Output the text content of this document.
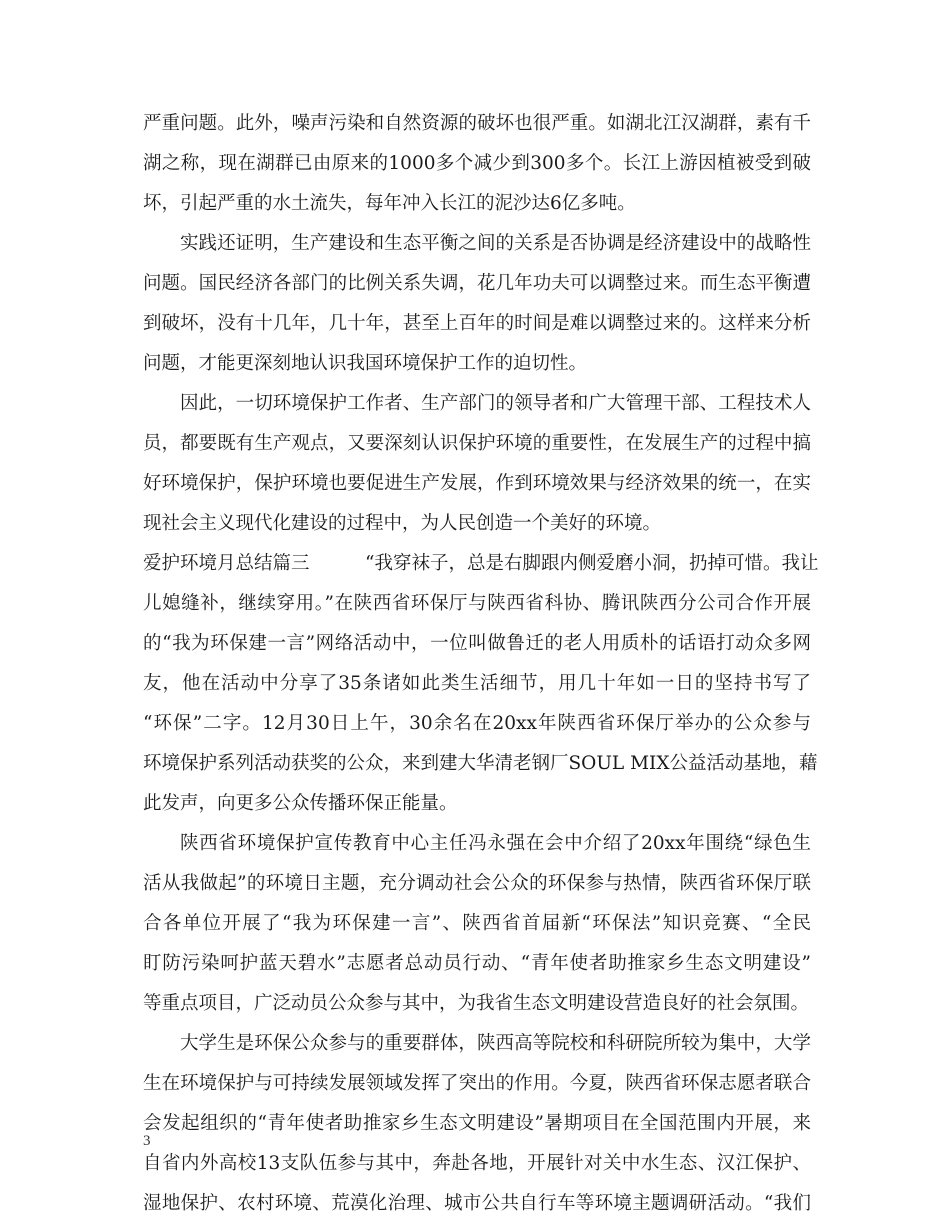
严重问题。此外，噪声污染和自然资源的破坏也很严重。如湖北江汉湖群，素有千
湖之称，现在湖群已由原来的1000多个减少到300多个。长江上游因植被受到破
坏，引起严重的水土流失，每年冲入长江的泥沙达6亿多吨。
实践还证明，生产建设和生态平衡之间的关系是否协调是经济建设中的战略性
问题。国民经济各部门的比例关系失调，花几年功夫可以调整过来。而生态平衡遭
到破坏，没有十几年，几十年，甚至上百年的时间是难以调整过来的。这样来分析
问题，才能更深刻地认识我国环境保护工作的迫切性。
因此，一切环境保护工作者、生产部门的领导者和广大管理干部、工程技术人
员，都要既有生产观点，又要深刻认识保护环境的重要性，在发展生产的过程中搞
好环境保护，保护环境也要促进生产发展，作到环境效果与经济效果的统一，在实
现社会主义现代化建设的过程中，为人民创造一个美好的环境。
爱护环境月总结篇三　　　“我穿袜子，总是右脚跟内侧爱磨小洞，扔掉可惜。我让
儿媳缝补，继续穿用。”在陕西省环保厅与陕西省科协、腾讯陕西分公司合作开展
的“我为环保建一言”网络活动中，一位叫做鲁迁的老人用质朴的话语打动众多网
友，他在活动中分享了35条诸如此类生活细节，用几十年如一日的坚持书写了
“环保”二字。12月30日上午，30余名在20xx年陕西省环保厅举办的公众参与
环境保护系列活动获奖的公众，来到建大华清老钢厂SOUL MIX公益活动基地，藉
此发声，向更多公众传播环保正能量。
陕西省环境保护宣传教育中心主任冯永强在会中介绍了20xx年围绕“绿色生
活从我做起”的环境日主题，充分调动社会公众的环保参与热情，陕西省环保厅联
合各单位开展了“我为环保建一言”、陕西省首届新“环保法”知识竞赛、“全民
盯防污染呵护蓝天碧水”志愿者总动员行动、“青年使者助推家乡生态文明建设”
等重点项目，广泛动员公众参与其中，为我省生态文明建设营造良好的社会氛围。
大学生是环保公众参与的重要群体，陕西高等院校和科研院所较为集中，大学
生在环境保护与可持续发展领域发挥了突出的作用。今夏，陕西省环保志愿者联合
会发起组织的“青年使者助推家乡生态文明建设”暑期项目在全国范围内开展，来
自省内外高校13支队伍参与其中，奔赴各地，开展针对关中水生态、汉江保护、
湿地保护、农村环境、荒漠化治理、城市公共自行车等环境主题调研活动。“我们
3
